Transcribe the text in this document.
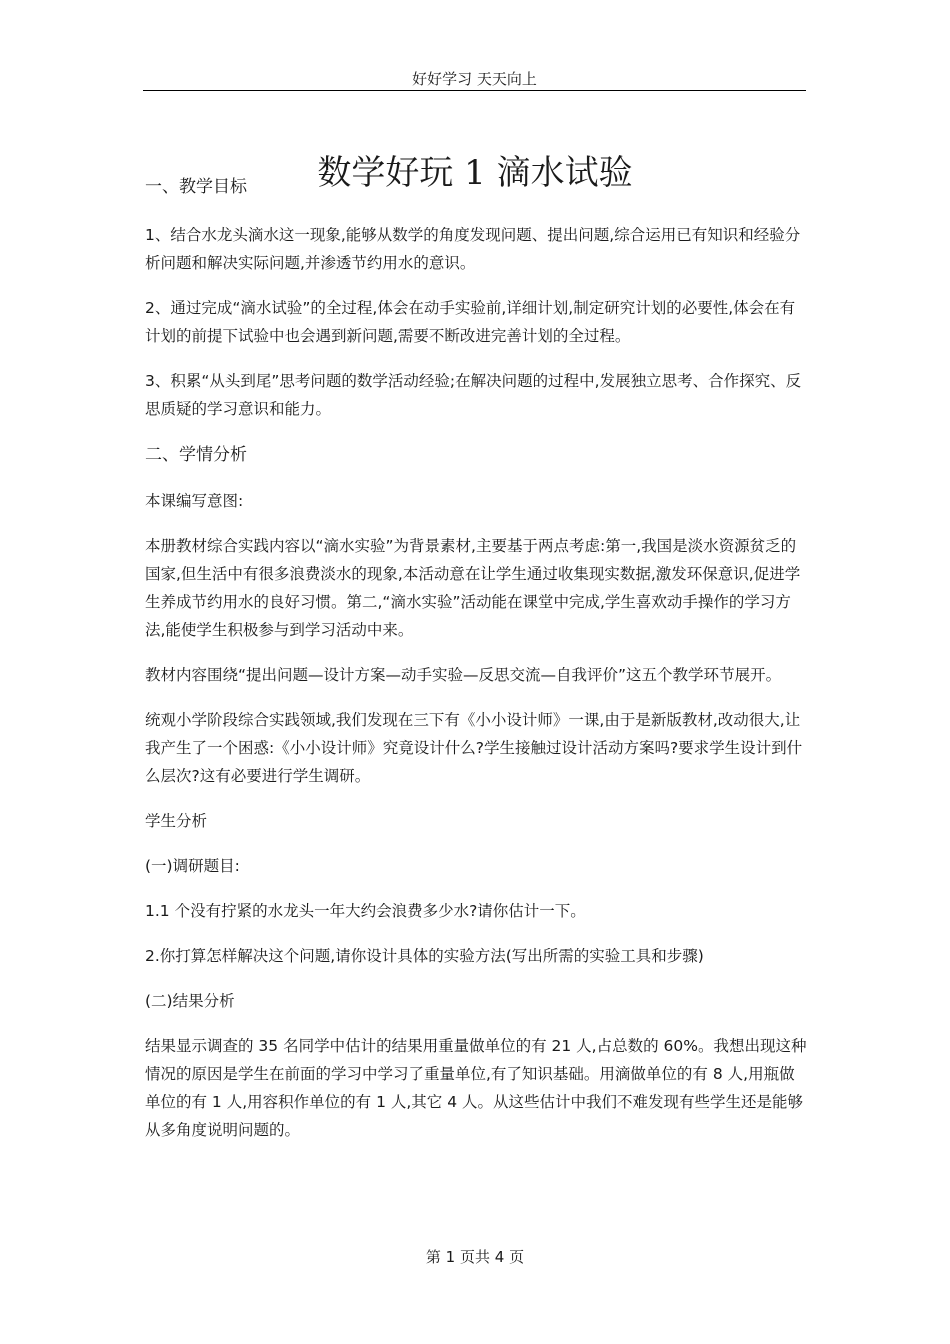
好好学习 天天向上
数学好玩 1 滴水试验

一、教学目标

1、结合水龙头滴水这一现象,能够从数学的角度发现问题、提出问题,综合运用已有知识和经验分析问题和解决实际问题,并渗透节约用水的意识。

2、通过完成“滴水试验”的全过程,体会在动手实验前,详细计划,制定研究计划的必要性,体会在有计划的前提下试验中也会遇到新问题,需要不断改进完善计划的全过程。

3、积累“从头到尾”思考问题的数学活动经验;在解决问题的过程中,发展独立思考、合作探究、反思质疑的学习意识和能力。

二、学情分析

本课编写意图:

本册教材综合实践内容以“滴水实验”为背景素材,主要基于两点考虑:第一,我国是淡水资源贫乏的国家,但生活中有很多浪费淡水的现象,本活动意在让学生通过收集现实数据,激发环保意识,促进学生养成节约用水的良好习惯。第二,“滴水实验”活动能在课堂中完成,学生喜欢动手操作的学习方法,能使学生积极参与到学习活动中来。

教材内容围绕“提出问题—设计方案—动手实验—反思交流—自我评价”这五个教学环节展开。

统观小学阶段综合实践领域,我们发现在三下有《小小设计师》一课,由于是新版教材,改动很大,让我产生了一个困惑:《小小设计师》究竟设计什么?学生接触过设计活动方案吗?要求学生设计到什么层次?这有必要进行学生调研。

学生分析

(一)调研题目:

1.1 个没有拧紧的水龙头一年大约会浪费多少水?请你估计一下。

2.你打算怎样解决这个问题,请你设计具体的实验方法(写出所需的实验工具和步骤)

(二)结果分析

结果显示调查的 35 名同学中估计的结果用重量做单位的有 21 人,占总数的 60%。我想出现这种情况的原因是学生在前面的学习中学习了重量单位,有了知识基础。用滴做单位的有 8 人,用瓶做单位的有 1 人,用容积作单位的有 1 人,其它 4 人。从这些估计中我们不难发现有些学生还是能够从多角度说明问题的。

第 1 页共 4 页
